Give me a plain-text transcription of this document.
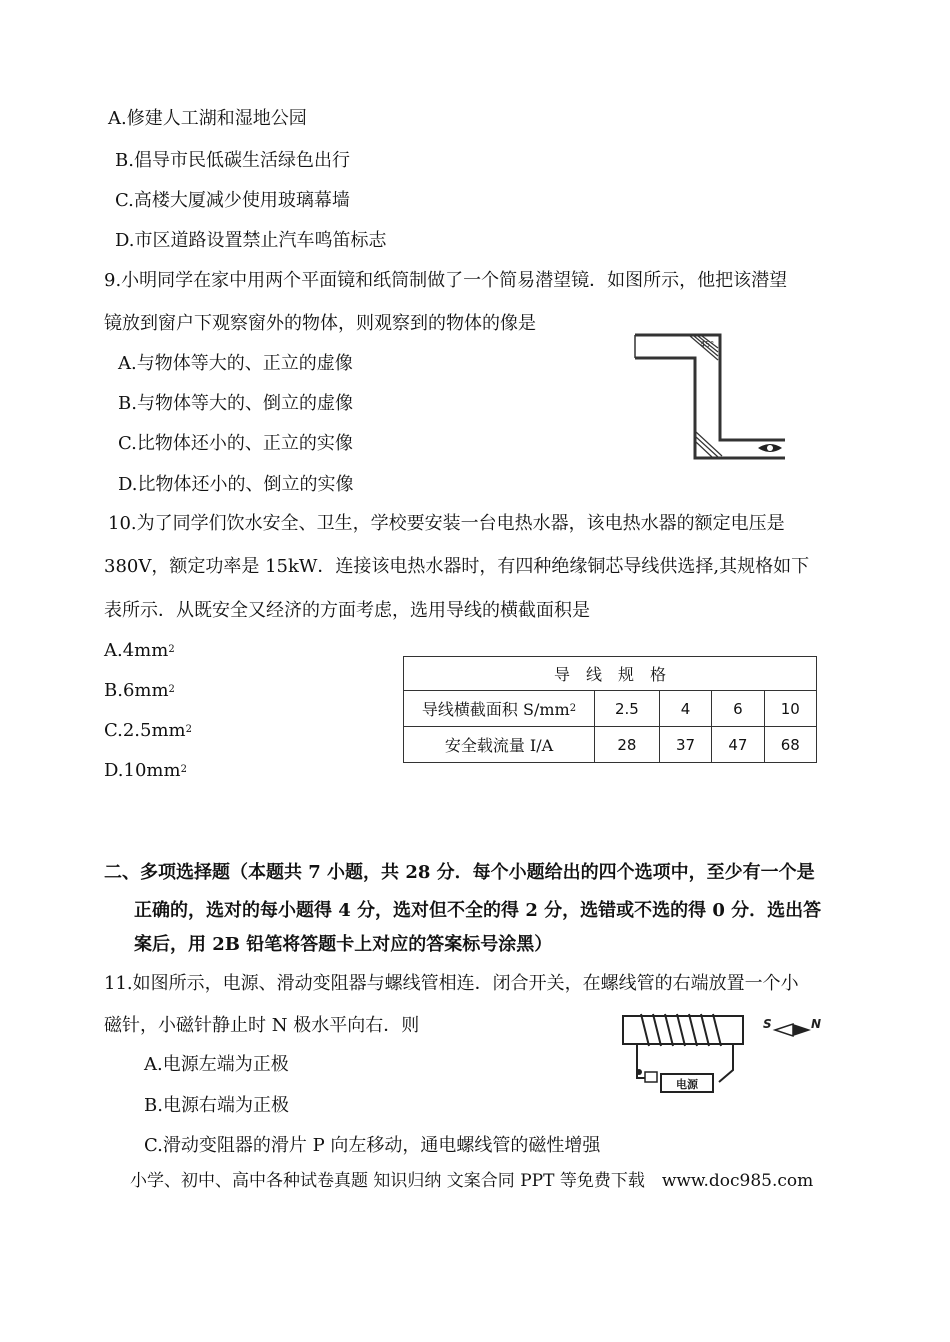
A.修建人工湖和湿地公园
B.倡导市民低碳生活绿色出行
C.高楼大厦减少使用玻璃幕墙
D.市区道路设置禁止汽车鸣笛标志
9.小明同学在家中用两个平面镜和纸筒制做了一个简易潜望镜．如图所示，他把该潜望
镜放到窗户下观察窗外的物体，则观察到的物体的像是
A.与物体等大的、正立的虚像
B.与物体等大的、倒立的虚像
C.比物体还小的、正立的实像
D.比物体还小的、倒立的实像
45°
10.为了同学们饮水安全、卫生，学校要安装一台电热水器，该电热水器的额定电压是
380V，额定功率是 15kW．连接该电热水器时，有四种绝缘铜芯导线供选择,其规格如下
表所示．从既安全又经济的方面考虑，选用导线的横截面积是
$A.4mm^2$
$B.6mm^2$
$C.2.5mm^2$
$D.10mm^2$
导　线　规　格				
导线横截面积 $S/mm^2$	2.5	4	6	10
安全载流量 I/A	28	37	47	68
二、多项选择题（本题共 7 小题，共 28 分．每个小题给出的四个选项中，至少有一个是
正确的，选对的每小题得 4 分，选对但不全的得 2 分，选错或不选的得 0 分．选出答
案后，用 2B 铅笔将答题卡上对应的答案标号涂黑）
11.如图所示，电源、滑动变阻器与螺线管相连．闭合开关，在螺线管的右端放置一个小
磁针，小磁针静止时 N 极水平向右．则
A.电源左端为正极
B.电源右端为正极
C.滑动变阻器的滑片 P 向左移动，通电螺线管的磁性增强
电源
S	N
小学、初中、高中各种试卷真题 知识归纳 文案合同 PPT 等免费下载　www.doc985.com
